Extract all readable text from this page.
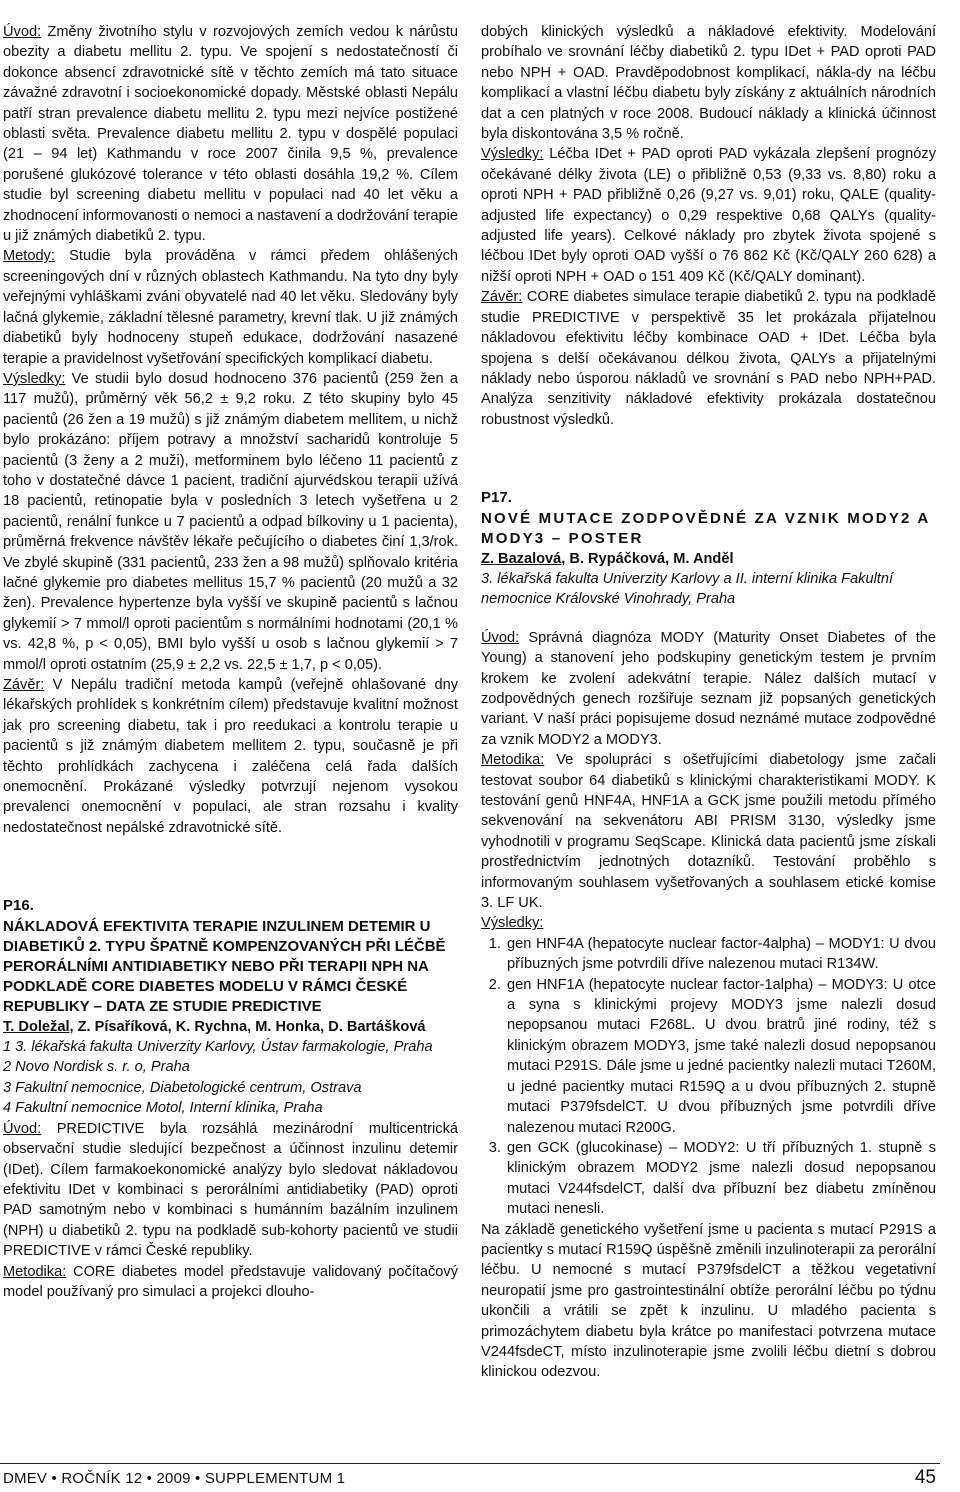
Úvod: Změny životního stylu v rozvojových zemích vedou k nárůstu obezity a diabetu mellitu 2. typu. Ve spojení s nedostatečností či dokonce absencí zdravotnické sítě v těchto zemích má tato situace závažné zdravotní i socioekonomické dopady. Městské oblasti Nepálu patří stran prevalence diabetu mellitu 2. typu mezi nejvíce postižené oblasti světa. Prevalence diabetu mellitu 2. typu v dospělé populaci (21 – 94 let) Kathmandu v roce 2007 činila 9,5 %, prevalence porušené glukózové tolerance v této oblasti dosáhla 19,2 %. Cílem studie byl screening diabetu mellitu v populaci nad 40 let věku a zhodnocení informovanosti o nemoci a nastavení a dodržování terapie u již známých diabetiků 2. typu.

Metody: Studie byla prováděna v rámci předem ohlášených screeningových dní v různých oblastech Kathmandu. Na tyto dny byly veřejnými vyhláškami zváni obyvatelé nad 40 let věku. Sledovány byly lačná glykemie, základní tělesné parametry, krevní tlak. U již známých diabetiků byly hodnoceny stupeň edukace, dodržování nasazené terapie a pravidelnost vyšetřování specifických komplikací diabetu.

Výsledky: Ve studii bylo dosud hodnoceno 376 pacientů (259 žen a 117 mužů), průměrný věk 56,2 ± 9,2 roku. Z této skupiny bylo 45 pacientů (26 žen a 19 mužů) s již známým diabetem mellitem, u nichž bylo prokázáno: příjem potravy a množství sacharidů kontroluje 5 pacientů (3 ženy a 2 muži), metforminem bylo léčeno 11 pacientů z toho v dostatečné dávce 1 pacient, tradiční ajurvédskou terapii užívá 18 pacientů, retinopatie byla v posledních 3 letech vyšetřena u 2 pacientů, renální funkce u 7 pacientů a odpad bílkoviny u 1 pacienta), průměrná frekvence návštěv lékaře pečujícího o diabetes činí 1,3/rok. Ve zbylé skupině (331 pacientů, 233 žen a 98 mužů) splňovalo kritéria lačné glykemie pro diabetes mellitus 15,7 % pacientů (20 mužů a 32 žen). Prevalence hypertenze byla vyšší ve skupině pacientů s lačnou glykemií > 7 mmol/l oproti pacientům s normálními hodnotami (20,1 % vs. 42,8 %, p < 0,05), BMI bylo vyšší u osob s lačnou glykemií > 7 mmol/l oproti ostatním (25,9 ± 2,2 vs. 22,5 ± 1,7, p < 0,05).

Závěr: V Nepálu tradiční metoda kampů (veřejně ohlašované dny lékařských prohlídek s konkrétním cílem) představuje kvalitní možnost jak pro screening diabetu, tak i pro reedukaci a kontrolu terapie u pacientů s již známým diabetem mellitem 2. typu, současně je při těchto prohlídkách zachycena i zaléčena celá řada dalších onemocnění. Prokázané výsledky potvrzují nejenom vysokou prevalenci onemocnění v populaci, ale stran rozsahu i kvality nedostatečnost nepálské zdravotnické sítě.

P16.

NÁKLADOVÁ EFEKTIVITA TERAPIE INZULINEM DETEMIR U DIABETIKŮ 2. TYPU ŠPATNĚ KOMPENZOVANÝCH PŘI LÉČBĚ PERORÁLNÍMI ANTIDIABETIKY NEBO PŘI TERAPII NPH NA PODKLADĚ CORE DIABETES MODELU V RÁMCI ČESKÉ REPUBLIKY – DATA ZE STUDIE PREDICTIVE

T. Doležal, Z. Písaříková, K. Rychna, M. Honka, D. Bartášková

1 3. lékařská fakulta Univerzity Karlovy, Ústav farmakologie, Praha

2 Novo Nordisk s. r. o, Praha

3 Fakultní nemocnice, Diabetologické centrum, Ostrava

4 Fakultní nemocnice Motol, Interní klinika, Praha

Úvod: PREDICTIVE byla rozsáhlá mezinárodní multicentrická observační studie sledující bezpečnost a účinnost inzulinu detemir (IDet). Cílem farmakoekonomické analýzy bylo sledovat nákladovou efektivitu IDet v kombinaci s perorálními antidiabetiky (PAD) oproti PAD samotným nebo v kombinaci s humánním bazálním inzulinem (NPH) u diabetiků 2. typu na podkladě sub-kohorty pacientů ve studii PREDICTIVE v rámci České republiky.

Metodika: CORE diabetes model představuje validovaný počítačový model používaný pro simulaci a projekci dlouho-

dobých klinických výsledků a nákladové efektivity. Modelování probíhalo ve srovnání léčby diabetiků 2. typu IDet + PAD oproti PAD nebo NPH + OAD. Pravděpodobnost komplikací, nákla-dy na léčbu komplikací a vlastní léčbu diabetu byly získány z aktuálních národních dat a cen platných v roce 2008. Budoucí náklady a klinická účinnost byla diskontována 3,5 % ročně.

Výsledky: Léčba IDet + PAD oproti PAD vykázala zlepšení prognózy očekávané délky života (LE) o přibližně 0,53 (9,33 vs. 8,80) roku a oproti NPH + PAD přibližně 0,26 (9,27 vs. 9,01) roku, QALE (quality-adjusted life expectancy) o 0,29 respektive 0,68 QALYs (quality-adjusted life years). Celkové náklady pro zbytek života spojené s léčbou IDet byly oproti OAD vyšší o 76 862 Kč (Kč/QALY 260 628) a nižší oproti NPH + OAD o 151 409 Kč (Kč/QALY dominant).

Závěr: CORE diabetes simulace terapie diabetiků 2. typu na podkladě studie PREDICTIVE v perspektivě 35 let prokázala přijatelnou nákladovou efektivitu léčby kombinace OAD + IDet. Léčba byla spojena s delší očekávanou délkou života, QALYs a přijatelnými náklady nebo úsporou nákladů ve srovnání s PAD nebo NPH+PAD. Analýza senzitivity nákladové efektivity prokázala dostatečnou robustnost výsledků.

P17.

NOVÉ MUTACE ZODPOVĚDNÉ ZA VZNIK MODY2 A MODY3 – POSTER

Z. Bazalová, B. Rypáčková, M. Anděl

3. lékařská fakulta Univerzity Karlovy a II. interní klinika Fakultní nemocnice Královské Vinohrady, Praha

Úvod: Správná diagnóza MODY (Maturity Onset Diabetes of the Young) a stanovení jeho podskupiny genetickým testem je prvním krokem ke zvolení adekvátní terapie. Nález dalších mutací v zodpovědných genech rozšiřuje seznam již popsaných genetických variant. V naší práci popisujeme dosud neznámé mutace zodpovědné za vznik MODY2 a MODY3.

Metodika: Ve spolupráci s ošetřujícími diabetology jsme začali testovat soubor 64 diabetiků s klinickými charakteristikami MODY. K testování genů HNF4A, HNF1A a GCK jsme použili metodu přímého sekvenování na sekvenátoru ABI PRISM 3130, výsledky jsme vyhodnotili v programu SeqScape. Klinická data pacientů jsme získali prostřednictvím jednotných dotazníků. Testování proběhlo s informovaným souhlasem vyšetřovaných a souhlasem etické komise 3. LF UK.

Výsledky:

1. gen HNF4A (hepatocyte nuclear factor-4alpha) – MODY1: U dvou příbuzných jsme potvrdili dříve nalezenou mutaci R134W.
2. gen HNF1A (hepatocyte nuclear factor-1alpha) – MODY3: U otce a syna s klinickými projevy MODY3 jsme nalezli dosud nepopsanou mutaci F268L. U dvou bratrů jiné rodiny, též s klinickým obrazem MODY3, jsme také nalezli dosud nepopsanou mutaci P291S. Dále jsme u jedné pacientky nalezli mutaci T260M, u jedné pacientky mutaci R159Q a u dvou příbuzných 2. stupně mutaci P379fsdelCT. U dvou příbuzných jsme potvrdili dříve nalezenou mutaci R200G.
3. gen GCK (glucokinase) – MODY2: U tří příbuzných 1. stupně s klinickým obrazem MODY2 jsme nalezli dosud nepopsanou mutaci V244fsdelCT, další dva příbuzní bez diabetu zmíněnou mutaci nenesli.

Na základě genetického vyšetření jsme u pacienta s mutací P291S a pacientky s mutací R159Q úspěšně změnili inzulinoterapii za perorální léčbu. U nemocné s mutací P379fsdelCT a těžkou vegetativní neuropatií jsme pro gastrointestinální obtíže perorální léčbu po týdnu ukončili a vrátili se zpět k inzulinu. U mladého pacienta s primozáchytem diabetu byla krátce po manifestaci potvrzena mutace V244fsdeCT, místo inzulinoterapie jsme zvolili léčbu dietní s dobrou klinickou odezvou.

DMEV • ROČNÍK 12 • 2009 • SUPPLEMENTUM 1	45
